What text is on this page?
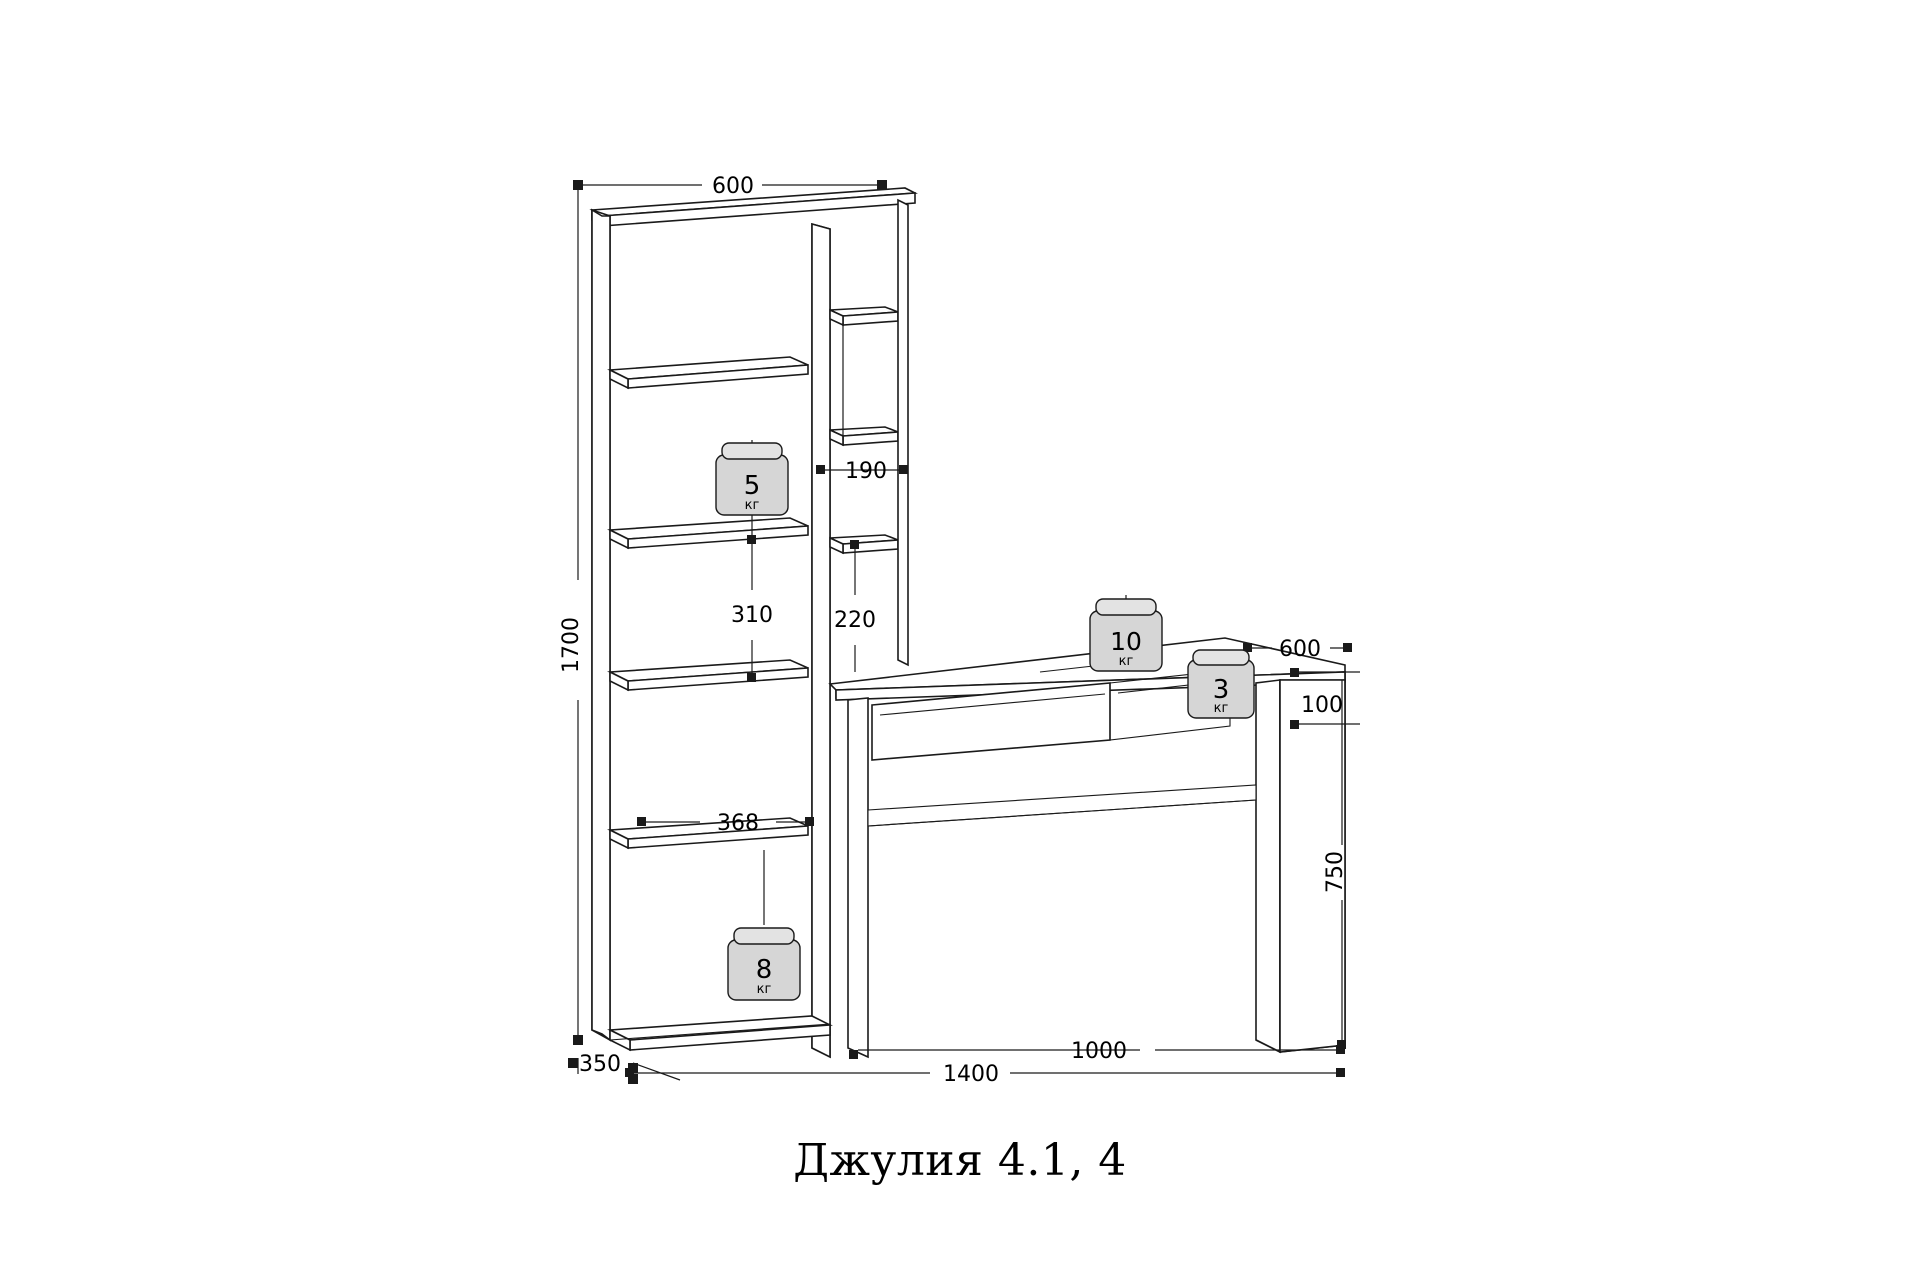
600
1700
190
220
310
368
350
600
100
750
1000
1400
5
кг
8
кг
10
кг
3
кг
Джулия 4.1, 4
